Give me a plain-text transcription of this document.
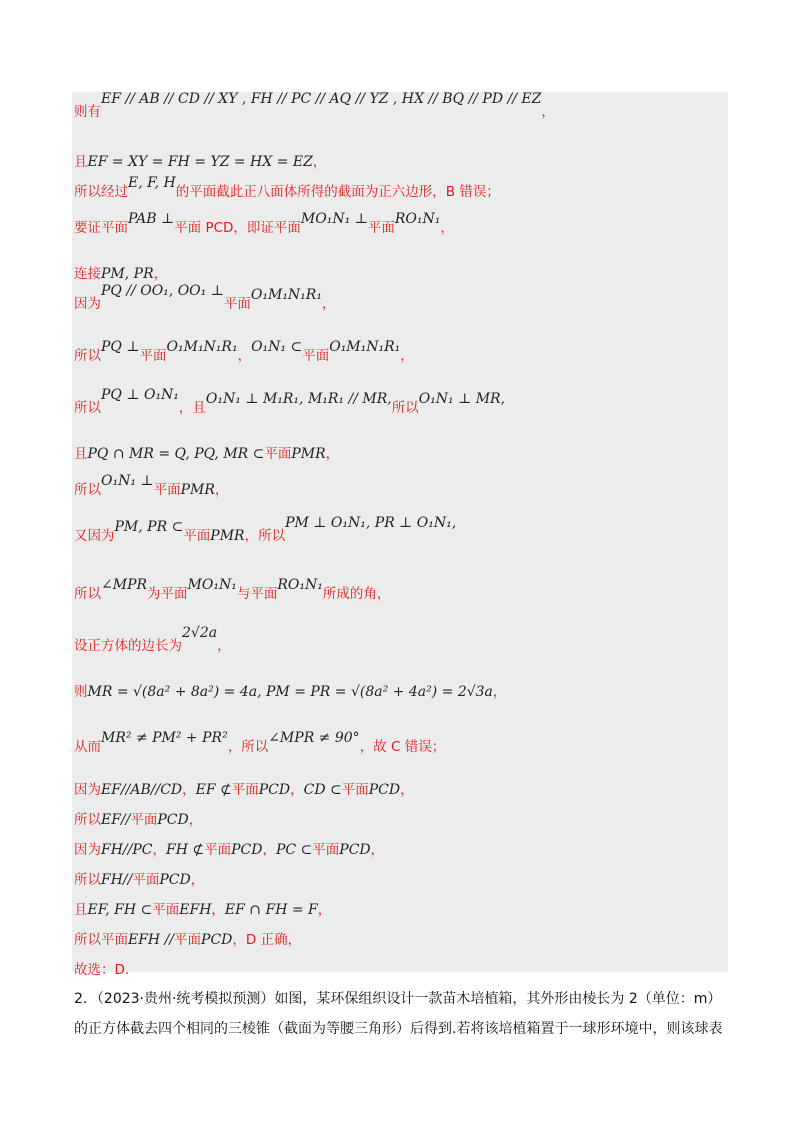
则有EF // AB // CD // XY , FH // PC // AQ // YZ , HX // BQ // PD // EZ，
且EF = XY = FH = YZ = HX = EZ，
所以经过E, F, H的平面截此正八面体所得的截面为正六边形，B 错误；
要证平面PAB ⊥平面 PCD，即证平面MO₁N₁ ⊥平面RO₁N₁，
连接PM, PR，
因为PQ // OO₁, OO₁ ⊥平面O₁M₁N₁R₁，
所以PQ ⊥平面O₁M₁N₁R₁，O₁N₁ ⊂平面O₁M₁N₁R₁，
所以PQ ⊥ O₁N₁，且O₁N₁ ⊥ M₁R₁, M₁R₁ // MR,所以O₁N₁ ⊥ MR,
且PQ ∩ MR = Q, PQ, MR ⊂平面PMR，
所以O₁N₁ ⊥平面PMR，
又因为PM, PR ⊂平面PMR，所以PM ⊥ O₁N₁, PR ⊥ O₁N₁,
所以∠MPR为平面MO₁N₁与平面RO₁N₁所成的角，
设正方体的边长为2√2a，
则MR = √(8a² + 8a²) = 4a, PM = PR = √(8a² + 4a²) = 2√3a，
从而MR² ≠ PM² + PR²，所以∠MPR ≠ 90°，故 C 错误；
因为EF//AB//CD，EF ⊄平面PCD，CD ⊂平面PCD，
所以EF//平面PCD，
因为FH//PC，FH ⊄平面PCD，PC ⊂平面PCD，
所以FH//平面PCD，
且EF, FH ⊂平面EFH，EF ∩ FH = F，
所以平面EFH //平面PCD，D 正确，
故选：D.
2．（2023·贵州·统考模拟预测）如图，某环保组织设计一款苗木培植箱，其外形由棱长为 2（单位：m）
的正方体截去四个相同的三棱锥（截面为等腰三角形）后得到.若将该培植箱置于一球形环境中，则该球表
